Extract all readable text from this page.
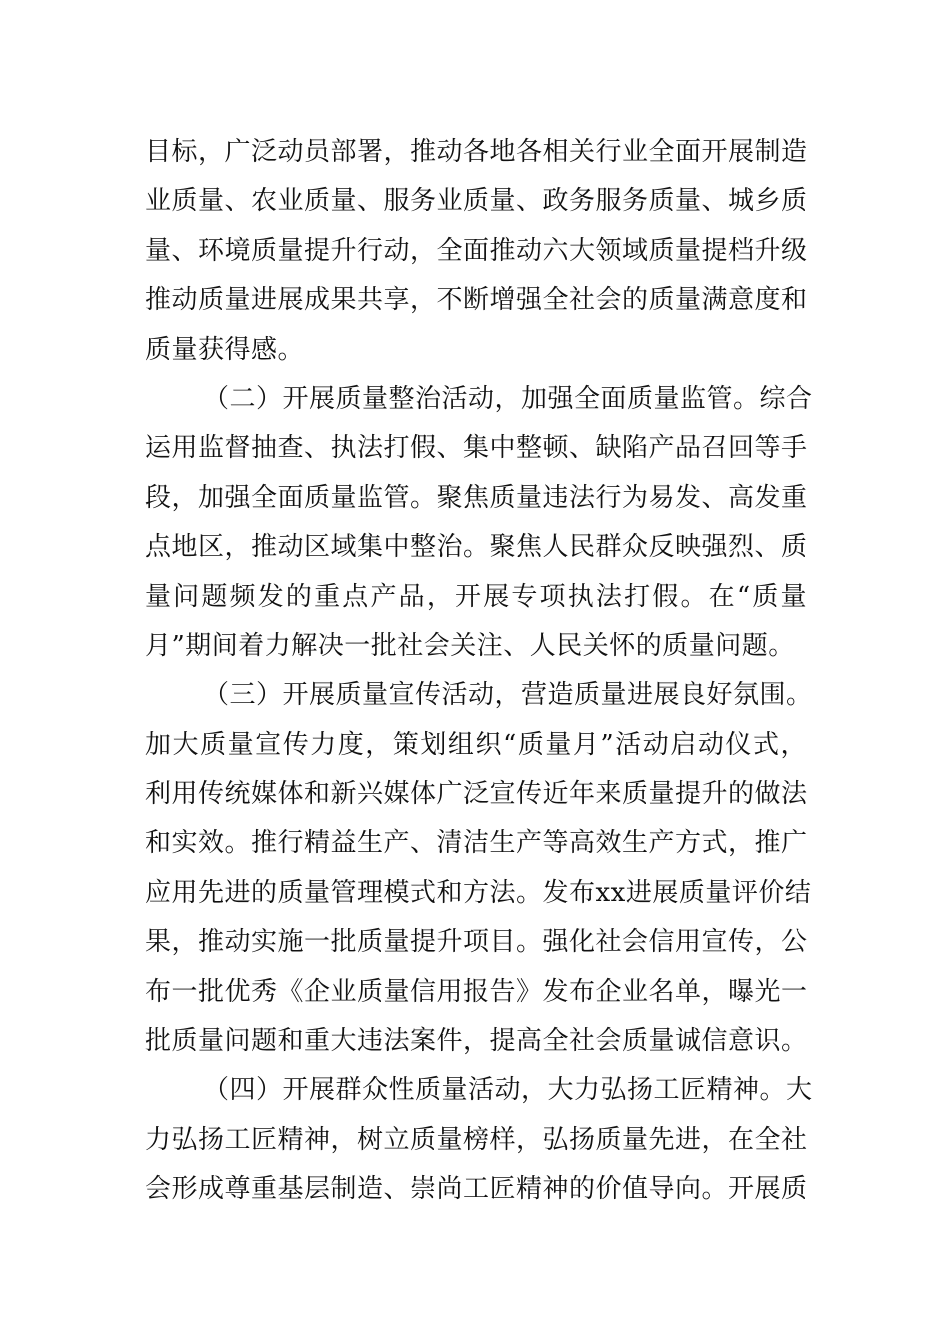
目标，广泛动员部署，推动各地各相关行业全面开展制造
业质量、农业质量、服务业质量、政务服务质量、城乡质
量、环境质量提升行动，全面推动六大领域质量提档升级
推动质量进展成果共享，不断增强全社会的质量满意度和
质量获得感。
（二）开展质量整治活动，加强全面质量监管。综合
运用监督抽查、执法打假、集中整顿、缺陷产品召回等手
段，加强全面质量监管。聚焦质量违法行为易发、高发重
点地区，推动区域集中整治。聚焦人民群众反映强烈、质
量问题频发的重点产品，开展专项执法打假。在“质量
月”期间着力解决一批社会关注、人民关怀的质量问题。
（三）开展质量宣传活动，营造质量进展良好氛围。
加大质量宣传力度，策划组织“质量月”活动启动仪式，
利用传统媒体和新兴媒体广泛宣传近年来质量提升的做法
和实效。推行精益生产、清洁生产等高效生产方式，推广
应用先进的质量管理模式和方法。发布xx进展质量评价结
果，推动实施一批质量提升项目。强化社会信用宣传，公
布一批优秀《企业质量信用报告》发布企业名单，曝光一
批质量问题和重大违法案件，提高全社会质量诚信意识。
（四）开展群众性质量活动，大力弘扬工匠精神。大
力弘扬工匠精神，树立质量榜样，弘扬质量先进，在全社
会形成尊重基层制造、崇尚工匠精神的价值导向。开展质
